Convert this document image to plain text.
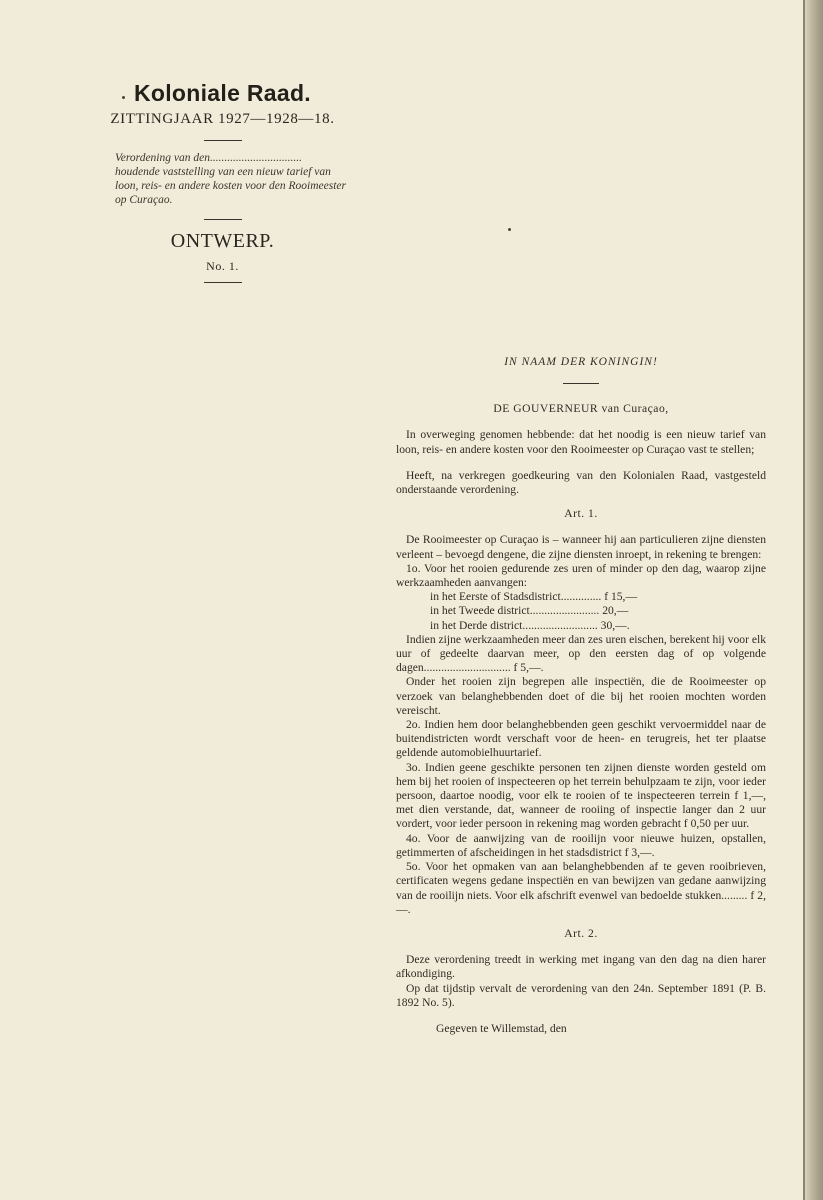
Koloniale Raad.
ZITTINGJAAR 1927—1928—18.
Verordening van den................................ houdende vaststelling van een nieuw tarief van loon, reis- en andere kosten voor den Rooimeester op Curaçao.
ONTWERP.
No. 1.
IN NAAM DER KONINGIN!
DE GOUVERNEUR van Curaçao,

In overweging genomen hebbende: dat het noodig is een nieuw tarief van loon, reis- en andere kosten voor den Rooimeester op Curaçao vast te stellen;

Heeft, na verkregen goedkeuring van den Kolonialen Raad, vastgesteld onderstaande verordening.

Art. 1.

De Rooimeester op Curaçao is – wanneer hij aan particulieren zijne diensten verleent – bevoegd dengene, die zijne diensten inroept, in rekening te brengen:

1o. Voor het rooien gedurende zes uren of minder op den dag, waarop zijne werkzaamheden aanvangen:

in het Eerste of Stadsdistrict.............. f 15,—
in het Tweede district........................ 20,—
in het Derde district.......................... 30,—.

Indien zijne werkzaamheden meer dan zes uren eischen, berekent hij voor elk uur of gedeelte daarvan meer, op den eersten dag of op volgende dagen.............................. f 5,—.

Onder het rooien zijn begrepen alle inspectiën, die de Rooimeester op verzoek van belanghebbenden doet of die bij het rooien mochten worden vereischt.

2o. Indien hem door belanghebbenden geen geschikt vervoermiddel naar de buitendistricten wordt verschaft voor de heen- en terugreis, het ter plaatse geldende automobielhuurtarief.

3o. Indien geene geschikte personen ten zijnen dienste worden gesteld om hem bij het rooien of inspecteeren op het terrein behulpzaam te zijn, voor ieder persoon, daartoe noodig, voor elk te rooien of te inspecteeren terrein f 1,—, met dien verstande, dat, wanneer de rooiing of inspectie langer dan 2 uur vordert, voor ieder persoon in rekening mag worden gebracht f 0,50 per uur.

4o. Voor de aanwijzing van de rooilijn voor nieuwe huizen, opstallen, getimmerten of afscheidingen in het stadsdistrict f 3,—.

5o. Voor het opmaken van aan belanghebbenden af te geven rooibrieven, certificaten wegens gedane inspectiën en van bewijzen van gedane aanwijzing van de rooilijn niets. Voor elk afschrift evenwel van bedoelde stukken......... f 2,—.

Art. 2.

Deze verordening treedt in werking met ingang van den dag na dien harer afkondiging.

Op dat tijdstip vervalt de verordening van den 24n. September 1891 (P. B. 1892 No. 5).

Gegeven te Willemstad, den
